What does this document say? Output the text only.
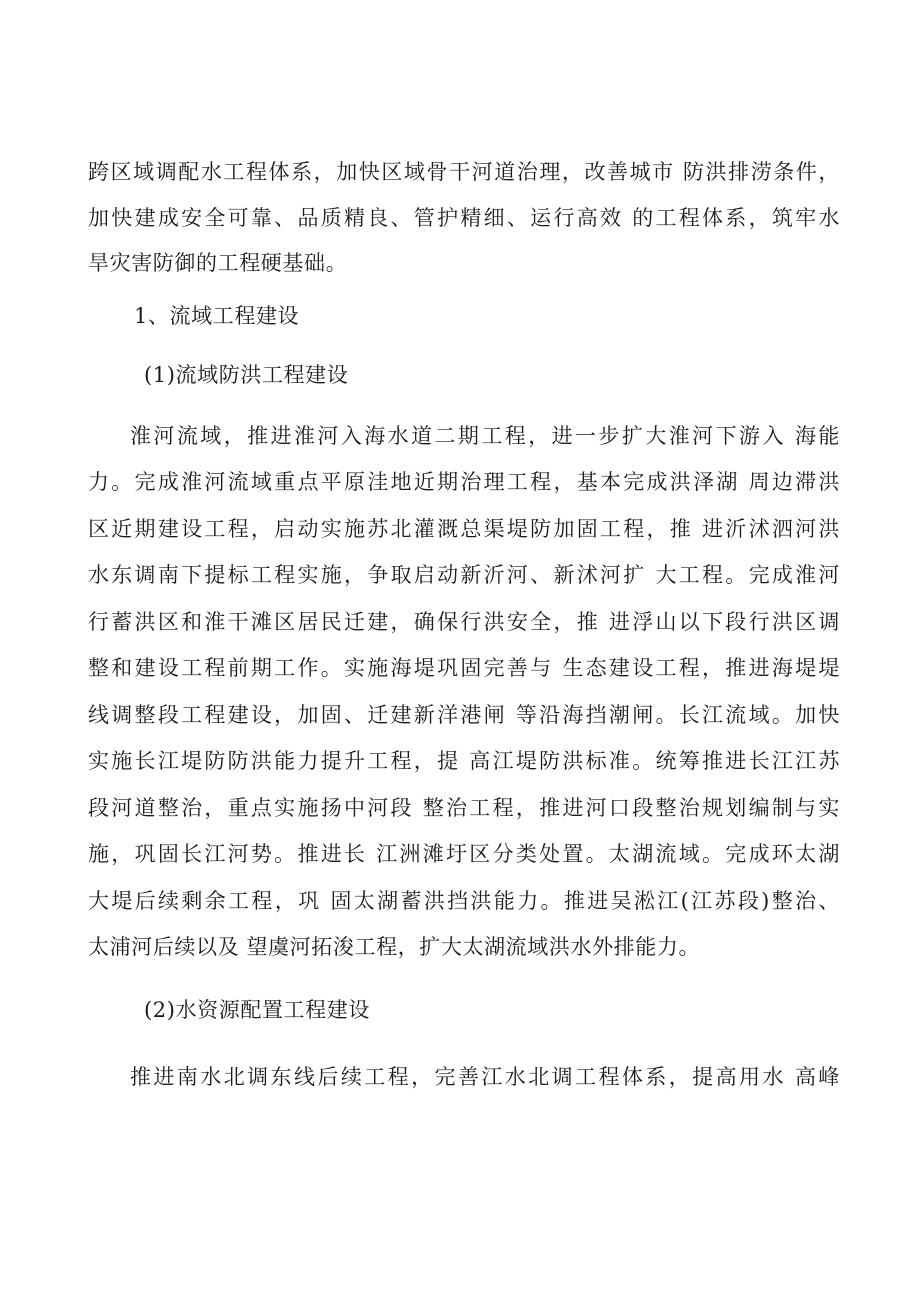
跨区域调配水工程体系，加快区域骨干河道治理，改善城市 防洪排涝条件，
加快建成安全可靠、品质精良、管护精细、运行高效 的工程体系，筑牢水
旱灾害防御的工程硬基础。
1、流域工程建设
(1)流域防洪工程建设
淮河流域，推进淮河入海水道二期工程，进一步扩大淮河下游入 海能
力。完成淮河流域重点平原洼地近期治理工程，基本完成洪泽湖 周边滞洪
区近期建设工程，启动实施苏北灌溉总渠堤防加固工程，推 进沂沭泗河洪
水东调南下提标工程实施，争取启动新沂河、新沭河扩 大工程。完成淮河
行蓄洪区和淮干滩区居民迁建，确保行洪安全，推 进浮山以下段行洪区调
整和建设工程前期工作。实施海堤巩固完善与 生态建设工程，推进海堤堤
线调整段工程建设，加固、迁建新洋港闸 等沿海挡潮闸。长江流域。加快
实施长江堤防防洪能力提升工程，提 高江堤防洪标准。统筹推进长江江苏
段河道整治，重点实施扬中河段 整治工程，推进河口段整治规划编制与实
施，巩固长江河势。推进长 江洲滩圩区分类处置。太湖流域。完成环太湖
大堤后续剩余工程，巩 固太湖蓄洪挡洪能力。推进吴淞江(江苏段)整治、
太浦河后续以及 望虞河拓浚工程，扩大太湖流域洪水外排能力。
(2)水资源配置工程建设
推进南水北调东线后续工程，完善江水北调工程体系，提高用水 高峰
